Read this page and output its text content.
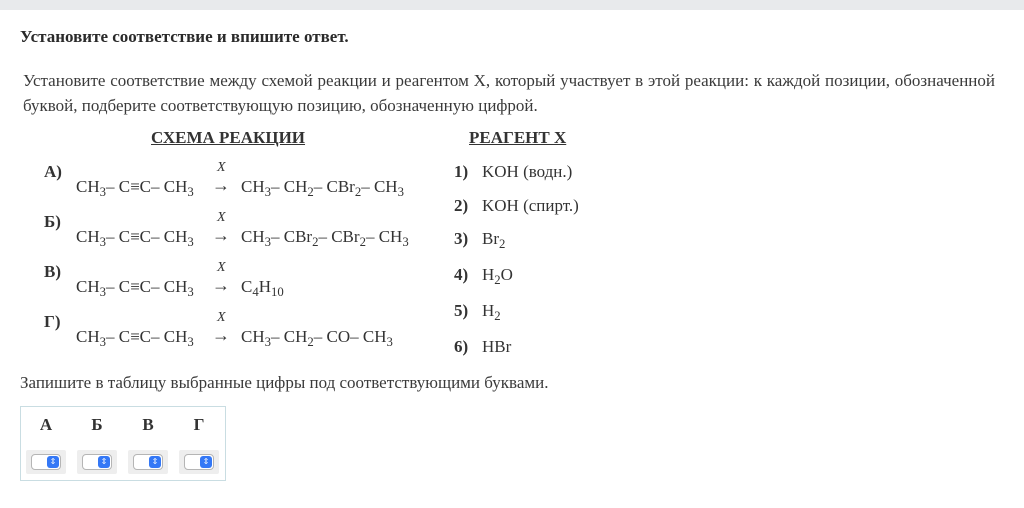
Установите соответствие и впишите ответ.
Установите соответствие между схемой реакции и реагентом X, который участвует в этой реакции: к каждой позиции, обозначенной буквой, подберите соответствующую позицию, обозначенную цифрой.
СХЕМА РЕАКЦИИ	РЕАГЕНТ X
А)
$CH_3-$ C≡C– $CH_3$
X
→ $CH_3-$ $CH_2-$ CBr$_2$– $CH_3$
Б)
$CH_3-$ C≡C– $CH_3$
X
→ $CH_3-$ CBr$_2$– CBr$_2$– $CH_3$
В)
$CH_3-$ C≡C– $CH_3$
X
→ $C_4H_{10}$
Г)
$CH_3-$ C≡C– $CH_3$
X
→ $CH_3-$ $CH_2-$ CO– $CH_3$
1) KOH (водн.)
2) KOH (спирт.)
3) $Br_2$
4) $H_2O$
5) $H_2$
6) HBr
Запишите в таблицу выбранные цифры под соответствующими буквами.
А	Б	В	Г
⇕	⇕	⇕	⇕
